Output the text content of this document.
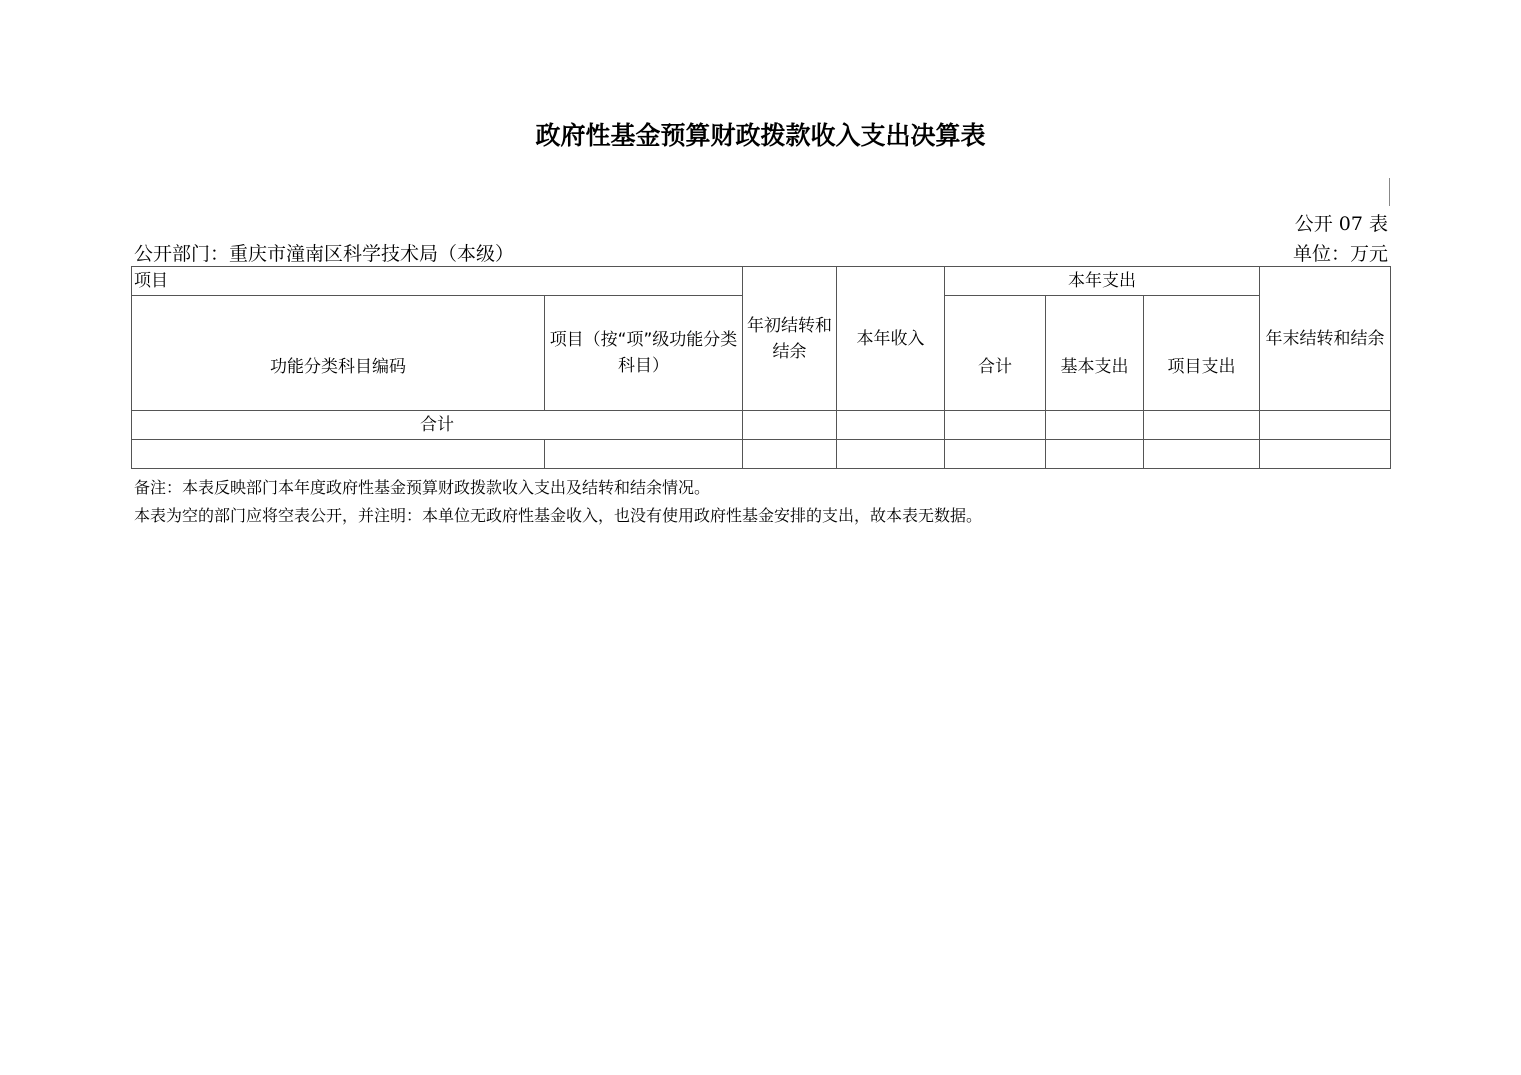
政府性基金预算财政拨款收入支出决算表
公开 07 表
公开部门：重庆市潼南区科学技术局（本级）	单位：万元
项目		年初结转和结余	本年收入	本年支出			年末结转和结余
功能分类科目编码	项目（按“项”级功能分类科目）			合计	基本支出	项目支出	
合计							

备注：本表反映部门本年度政府性基金预算财政拨款收入支出及结转和结余情况。
本表为空的部门应将空表公开，并注明：本单位无政府性基金收入，也没有使用政府性基金安排的支出，故本表无数据。
